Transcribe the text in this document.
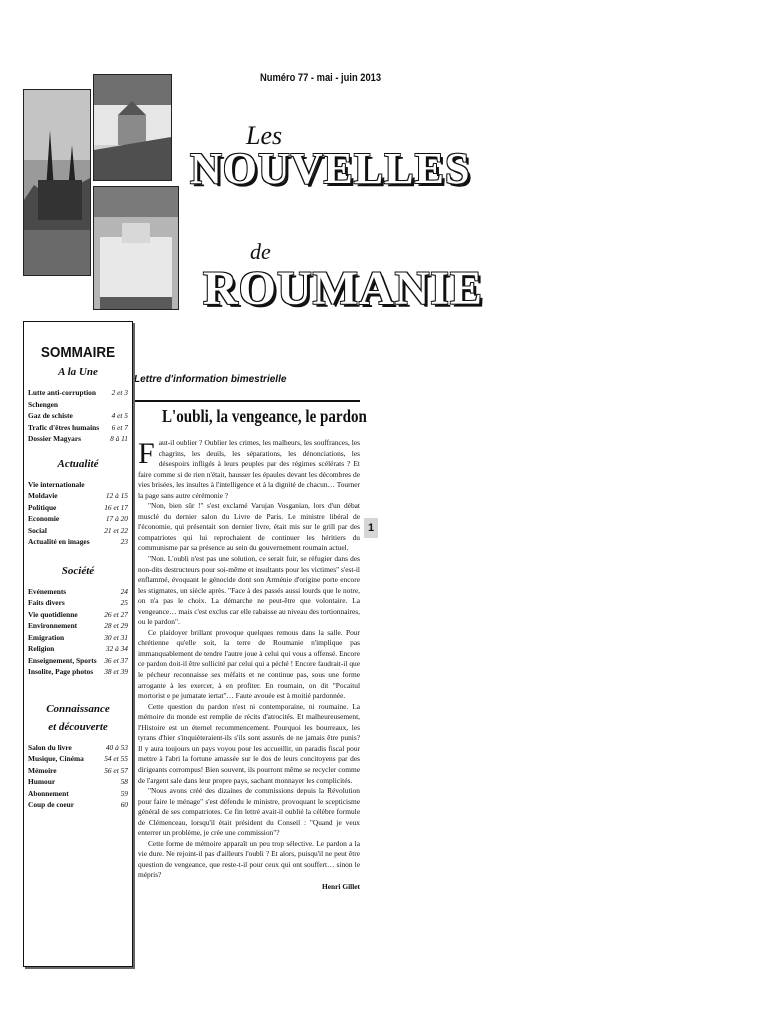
Numéro 77 - mai - juin 2013
Les
NOUVELLES
de
ROUMANIE
Lettre d'information bimestrielle
SOMMAIRE
A la Une
Lutte anti-corruption 2 et 3
Schengen
Gaz de schiste	4 et 5
Trafic d'êtres humains 6 et 7
Dossier Magyars	8 à 11
Actualité
Vie internationale
Moldavie	12 à 15
Politique	16 et 17
Economie	17 à 20
Social	21 et 22
Actualité en images	23
Société
Evénements	24
Faits divers	25
Vie quotidienne	26 et 27
Environnement	28 et 29
Emigration	30 et 31
Religion	32 à 34
Enseignement, Sports 36 et 37
Insolite, Page photos 38 et 39
Connaissance et découverte
Salon du livre	40 à 53
Musique, Cinéma	54 et 55
Mémoire	56 et 57
Humour	58
Abonnement	59
Coup de coeur	60
1
L'oubli, la vengeance, le pardon
F aut-il oublier ? Oublier les crimes, les malheurs, les souffrances, les chagrins, les deuils, les séparations, les dénonciations, les désespoirs infligés à leurs peuples par des régimes scélérats ? Et faire comme si de rien n'était, hausser les épaules devant les décombres de vies brisées, les insultes à l'intelligence et à la dignité de chacun… Tourner la page sans autre cérémonie ?

"Non, bien sûr !" s'est exclamé Varujan Vosganian, lors d'un débat musclé du dernier salon du Livre de Paris. Le ministre libéral de l'économie, qui présentait son dernier livre, était mis sur le grill par des compatriotes qui lui reprochaient de continuer les héritiers du communisme par sa présence au sein du gouvernement roumain actuel.

"Non. L'oubli n'est pas une solution, ce serait fuir, se réfugier dans des non-dits destructeurs pour soi-même et insultants pour les victimes" s'est-il enflammé, évoquant le génocide dont son Arménie d'origine porte encore les stigmates, un siècle après. "Face à des passés aussi lourds que le notre, on n'a pas le choix. La démarche ne peut-être que volontaire. La vengeance… mais c'est exclus car elle rabaisse au niveau des tortionnaires, ou le pardon".

Ce plaidoyer brillant provoque quelques remous dans la salle. Pour chrétienne qu'elle soit, la terre de Roumanie n'implique pas immanquablement de tendre l'autre joue à celui qui vous a offensé. Encore ce pardon doit-il être sollicité par celui qui a péché ! Encore faudrait-il que le pécheur reconnaisse ses méfaits et ne continue pas, sous une forme arrogante à les exercer, à en profiter. En roumain, on dit "Pocaitul mortorist e pe jumatate iertat"… Faute avouée est à moitié pardonnée.

Cette question du pardon n'est ni contemporaine, ni roumaine. La mémoire du monde est remplie de récits d'atrocités. Et malheureusement, l'Histoire est un éternel recommencement. Pourquoi les bourreaux, les tyrans d'hier s'inquièteraient-ils s'ils sont assurés de ne jamais être punis? Il y aura toujours un pays voyou pour les accueillir, un paradis fiscal pour mettre à l'abri la fortune amassée sur le dos de leurs concitoyens par des dirigeants corrompus! Bien souvent, ils pourront même se recycler comme de l'argent sale dans leur propre pays, sachant monnayer les complicités.

"Nous avons créé des dizaines de commissions depuis la Révolution pour faire le ménage" s'est défendu le ministre, provoquant le scepticisme général de ses compatriotes. Ce fin lettré avait-il oublié la célèbre formule de Clémenceau, lorsqu'il était président du Conseil : "Quand je veux enterrer un problème, je crée une commission"?

Cette forme de mémoire apparaît un peu trop sélective. Le pardon a la vie dure. Ne rejoint-il pas d'ailleurs l'oubli ? Et alors, puisqu'il ne peut être question de vengeance, que reste-t-il pour ceux qui ont souffert… sinon le mépris?

Henri Gillet
